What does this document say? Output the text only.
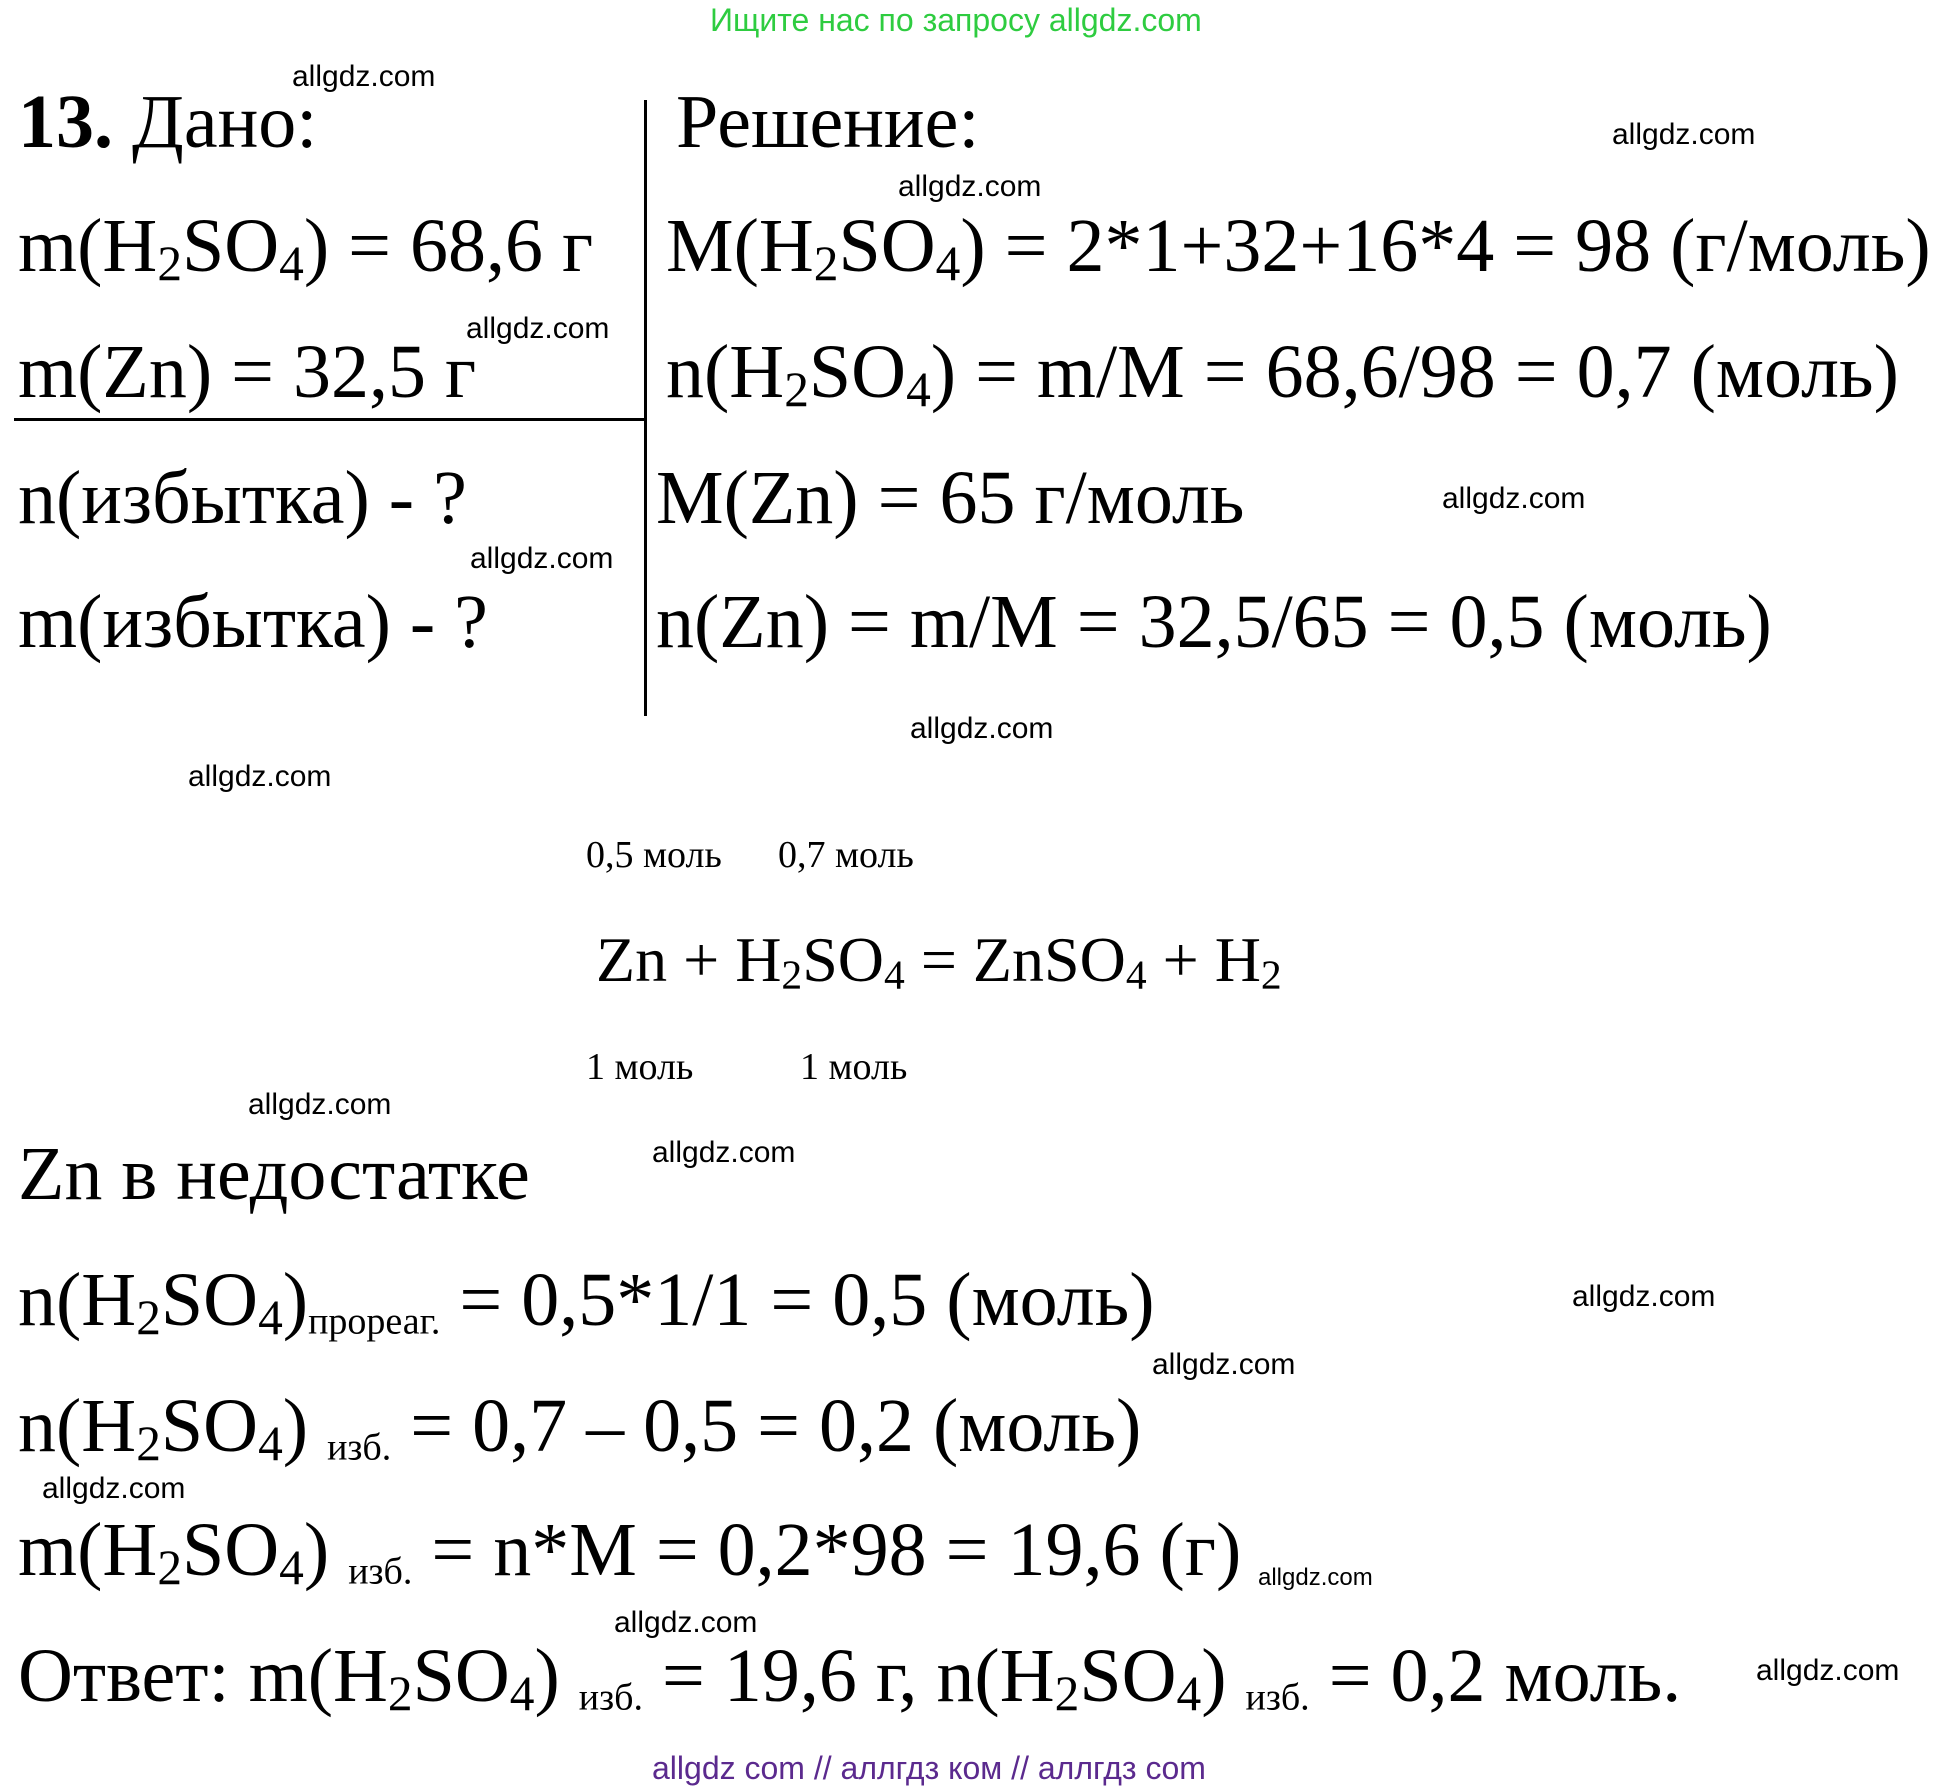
Ищите нас по запросу allgdz.com
13. Дано:
$m(H_2SO_4) = 68,6$ г
m(Zn) = 32,5 г
n(избытка) - ?
m(избытка) - ?
Решение:
$M(H_2SO_4) = 2*1+32+16*4 = 98$ (г/моль)
$n(H_2SO_4) = m/M = 68,6/98 = 0,7$ (моль)
M(Zn) = 65 г/моль
n(Zn) = m/M = 32,5/65 = 0,5 (моль)
0,5 моль 0,7 моль
$Zn + H_2SO_4$ = ZnSO$_4$ + $H_2$
1 моль	1 моль
Zn в недостатке
$n(H_2SO_4)_{прореаг.} = 0,5*1/1 = 0,5$ (моль)
$n(H_2SO_4) _{изб.} = 0,7 - 0,5 = 0,2$ (моль)
$m(H_2SO_4) _{изб.} = n*M = 0,2*98 = 19,6$ (г)
Ответ: $m(H_2SO_4) _{изб.} = 19,6$ г, $n(H_2SO_4) _{изб.} = 0,2$ моль.
allgdz.com
allgdz.com
allgdz.com
allgdz.com
allgdz.com
allgdz.com
allgdz.com
allgdz.com
allgdz.com
allgdz.com
allgdz.com
allgdz.com
allgdz.com
allgdz.com
allgdz.com
allgdz.com
allgdz com // аллгдз ком // аллгдз com
